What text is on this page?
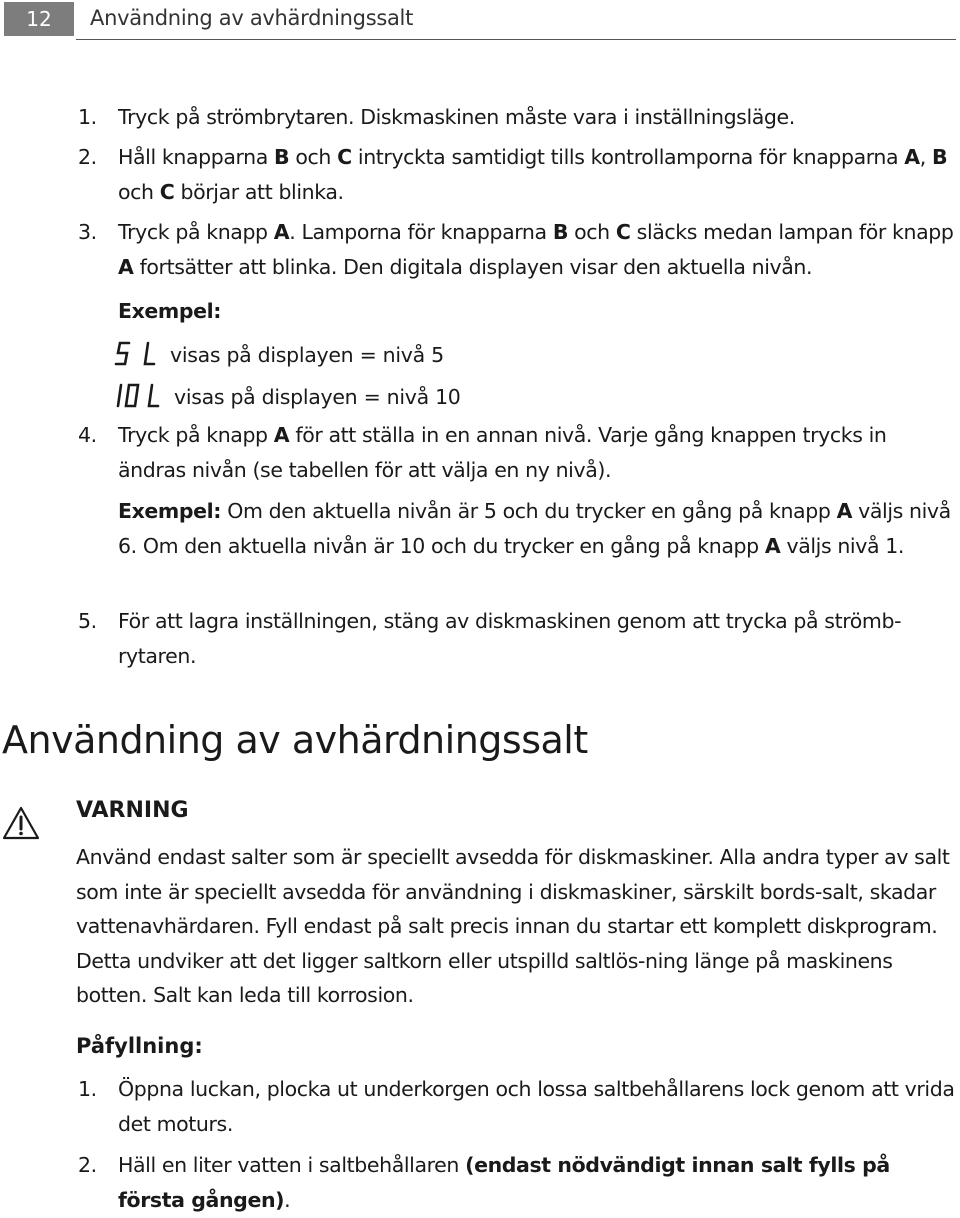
12	Användning av avhärdningssalt
1.	Tryck på strömbrytaren. Diskmaskinen måste vara i inställningsläge.
2.	Håll knapparna B och C intryckta samtidigt tills kontrollamporna för knapparna A, B och C börjar att blinka.
3.	Tryck på knapp A. Lamporna för knapparna B och C släcks medan lampan för knapp A fortsätter att blinka. Den digitala displayen visar den aktuella nivån.
Exempel:
visas på displayen = nivå 5
visas på displayen = nivå 10
4.	Tryck på knapp A för att ställa in en annan nivå. Varje gång knappen trycks in ändras nivån (se tabellen för att välja en ny nivå).
Exempel: Om den aktuella nivån är 5 och du trycker en gång på knapp A väljs nivå 6. Om den aktuella nivån är 10 och du trycker en gång på knapp A väljs nivå 1.
5.	För att lagra inställningen, stäng av diskmaskinen genom att trycka på strömb-rytaren.
Användning av avhärdningssalt
VARNING
Använd endast salter som är speciellt avsedda för diskmaskiner. Alla andra typer av salt som inte är speciellt avsedda för användning i diskmaskiner, särskilt bords-salt, skadar vattenavhärdaren. Fyll endast på salt precis innan du startar ett komplett diskprogram. Detta undviker att det ligger saltkorn eller utspilld saltlös-ning länge på maskinens botten. Salt kan leda till korrosion.
Påfyllning:
1.	Öppna luckan, plocka ut underkorgen och lossa saltbehållarens lock genom att vrida det moturs.
2.	Häll en liter vatten i saltbehållaren (endast nödvändigt innan salt fylls på första gången).
